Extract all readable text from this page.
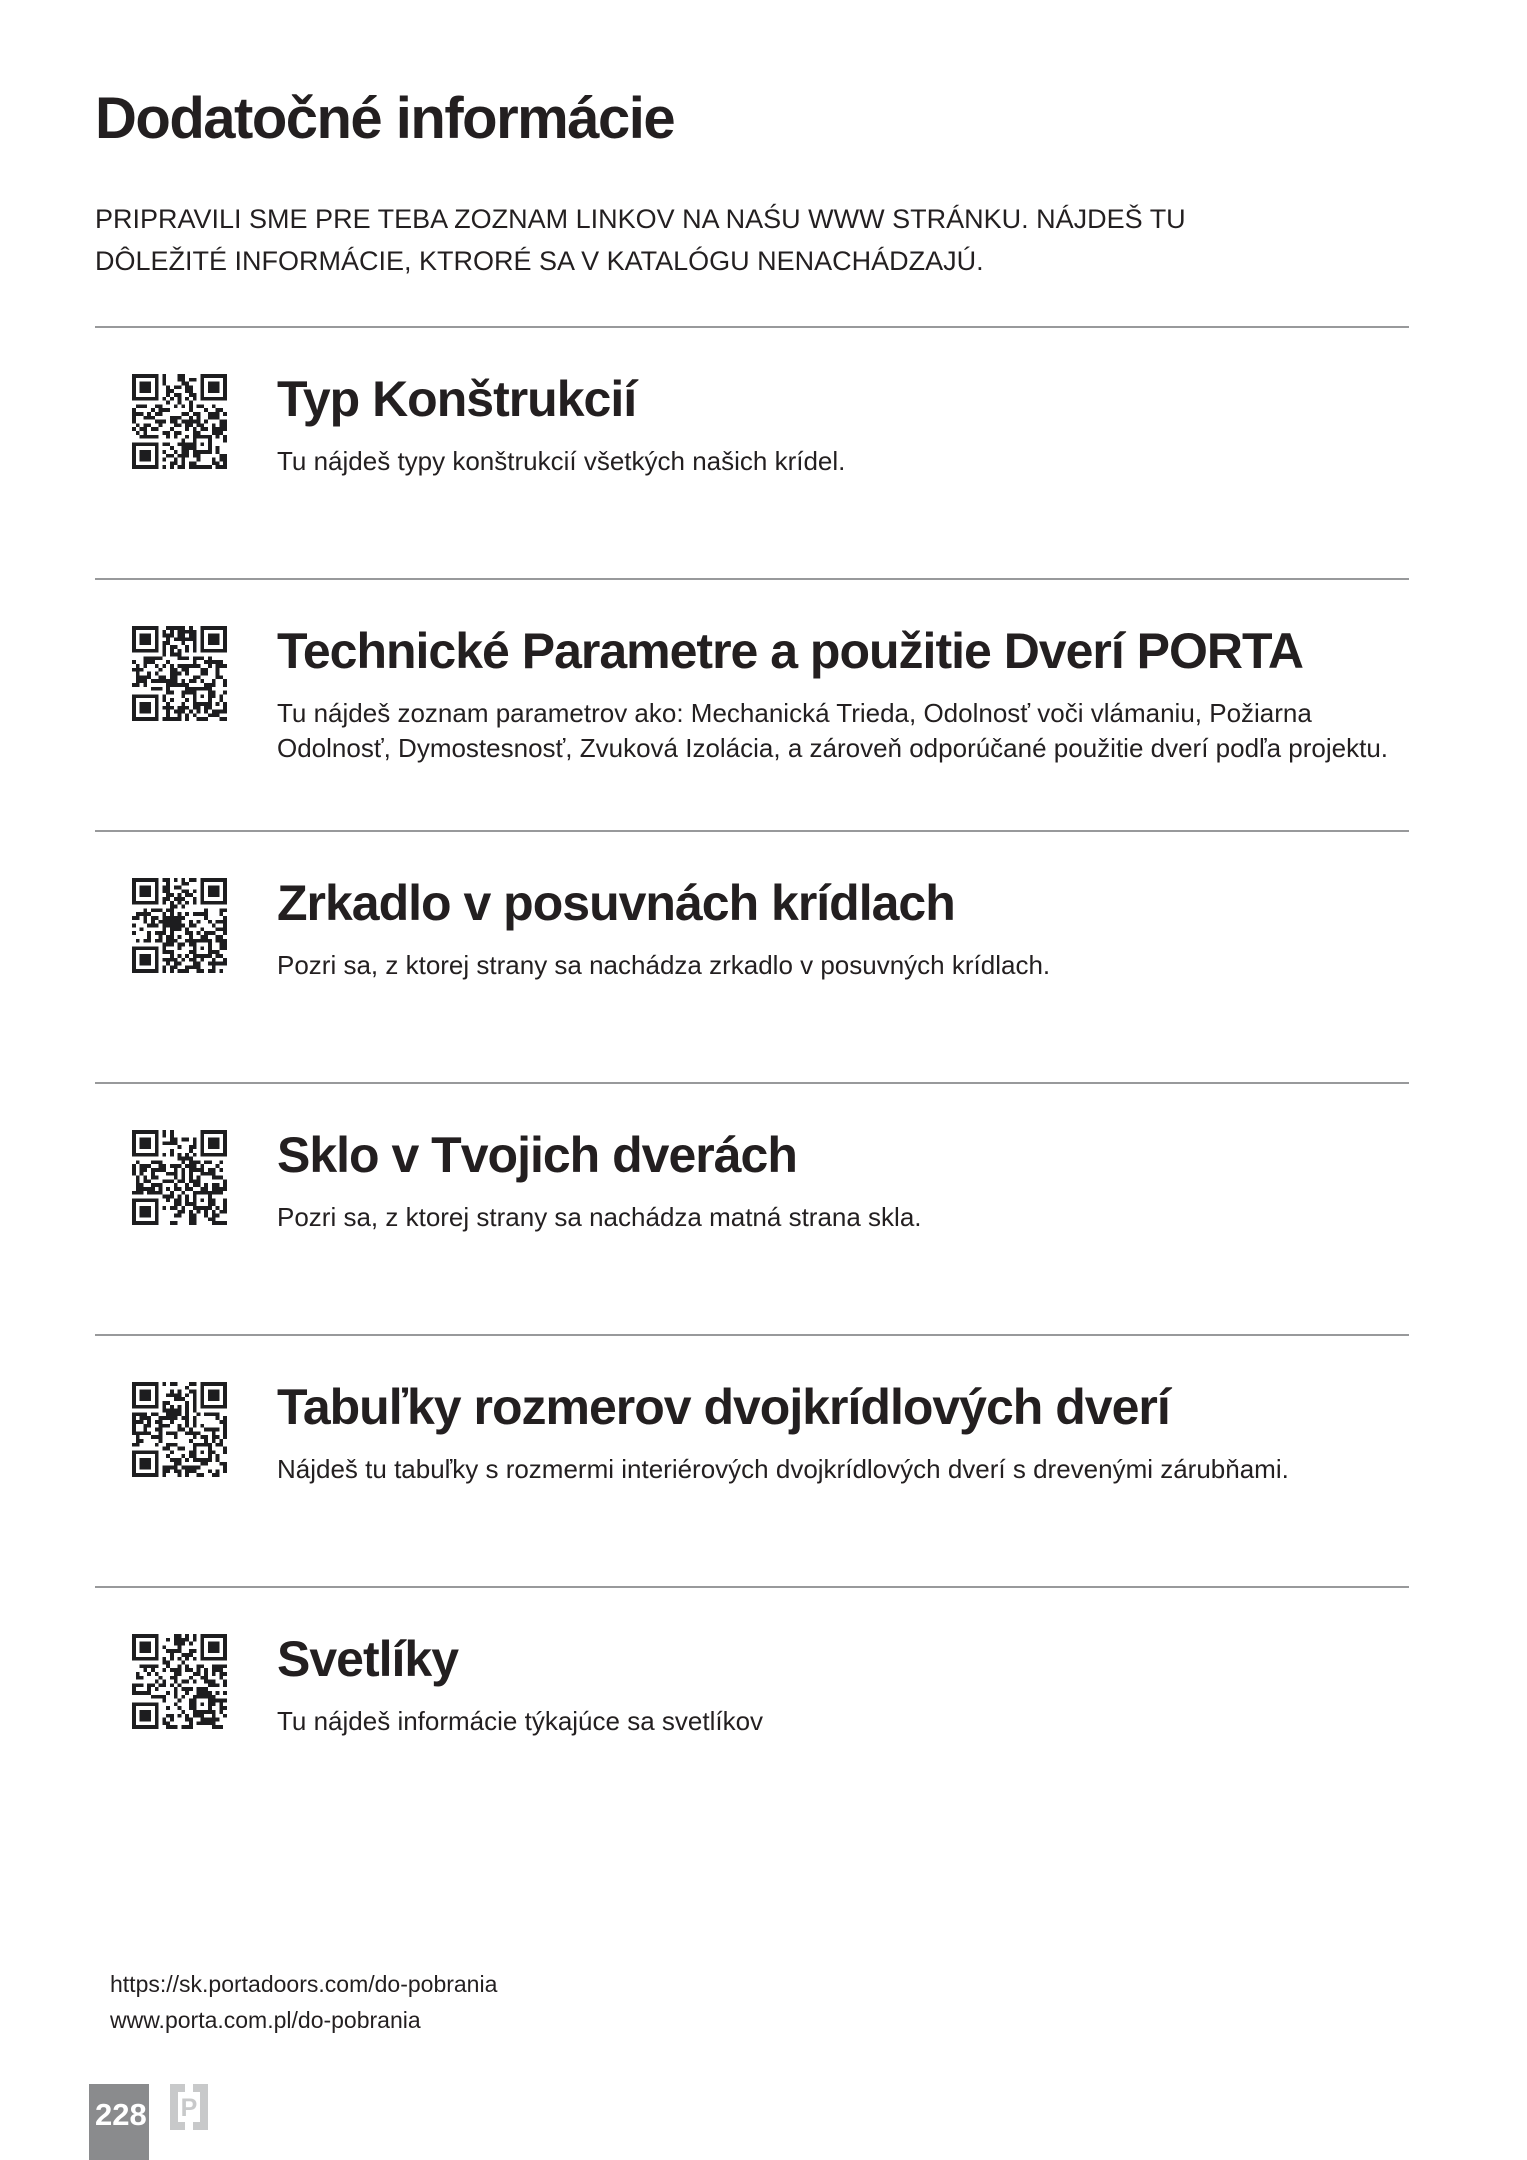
Dodatočné informácie

PRIPRAVILI SME PRE TEBA ZOZNAM LINKOV NA NAŚU WWW STRÁNKU. NÁJDEŠ TU
DÔLEŽITÉ INFORMÁCIE, KTRORÉ SA V KATALÓGU NENACHÁDZAJÚ.

Typ Konštrukcií

Tu nájdeš typy konštrukcií všetkých našich krídel.

Technické Parametre a použitie Dverí PORTA

Tu nájdeš zoznam parametrov ako: Mechanická Trieda, Odolnosť voči vlámaniu, Požiarna Odolnosť, Dymostesnosť, Zvuková Izolácia, a zároveň odporúčané použitie dverí podľa projektu.

Zrkadlo v posuvnách krídlach

Pozri sa, z ktorej strany sa nachádza zrkadlo v posuvných krídlach.

Sklo v Tvojich dverách

Pozri sa, z ktorej strany sa nachádza matná strana skla.

Tabuľky rozmerov dvojkrídlových dverí

Nájdeš tu tabuľky s rozmermi interiérových dvojkrídlových dverí s drevenými zárubňami.

Svetlíky

Tu nájdeš informácie týkajúce sa svetlíkov

https://sk.portadoors.com/do-pobrania
www.porta.com.pl/do-pobrania
228 P
